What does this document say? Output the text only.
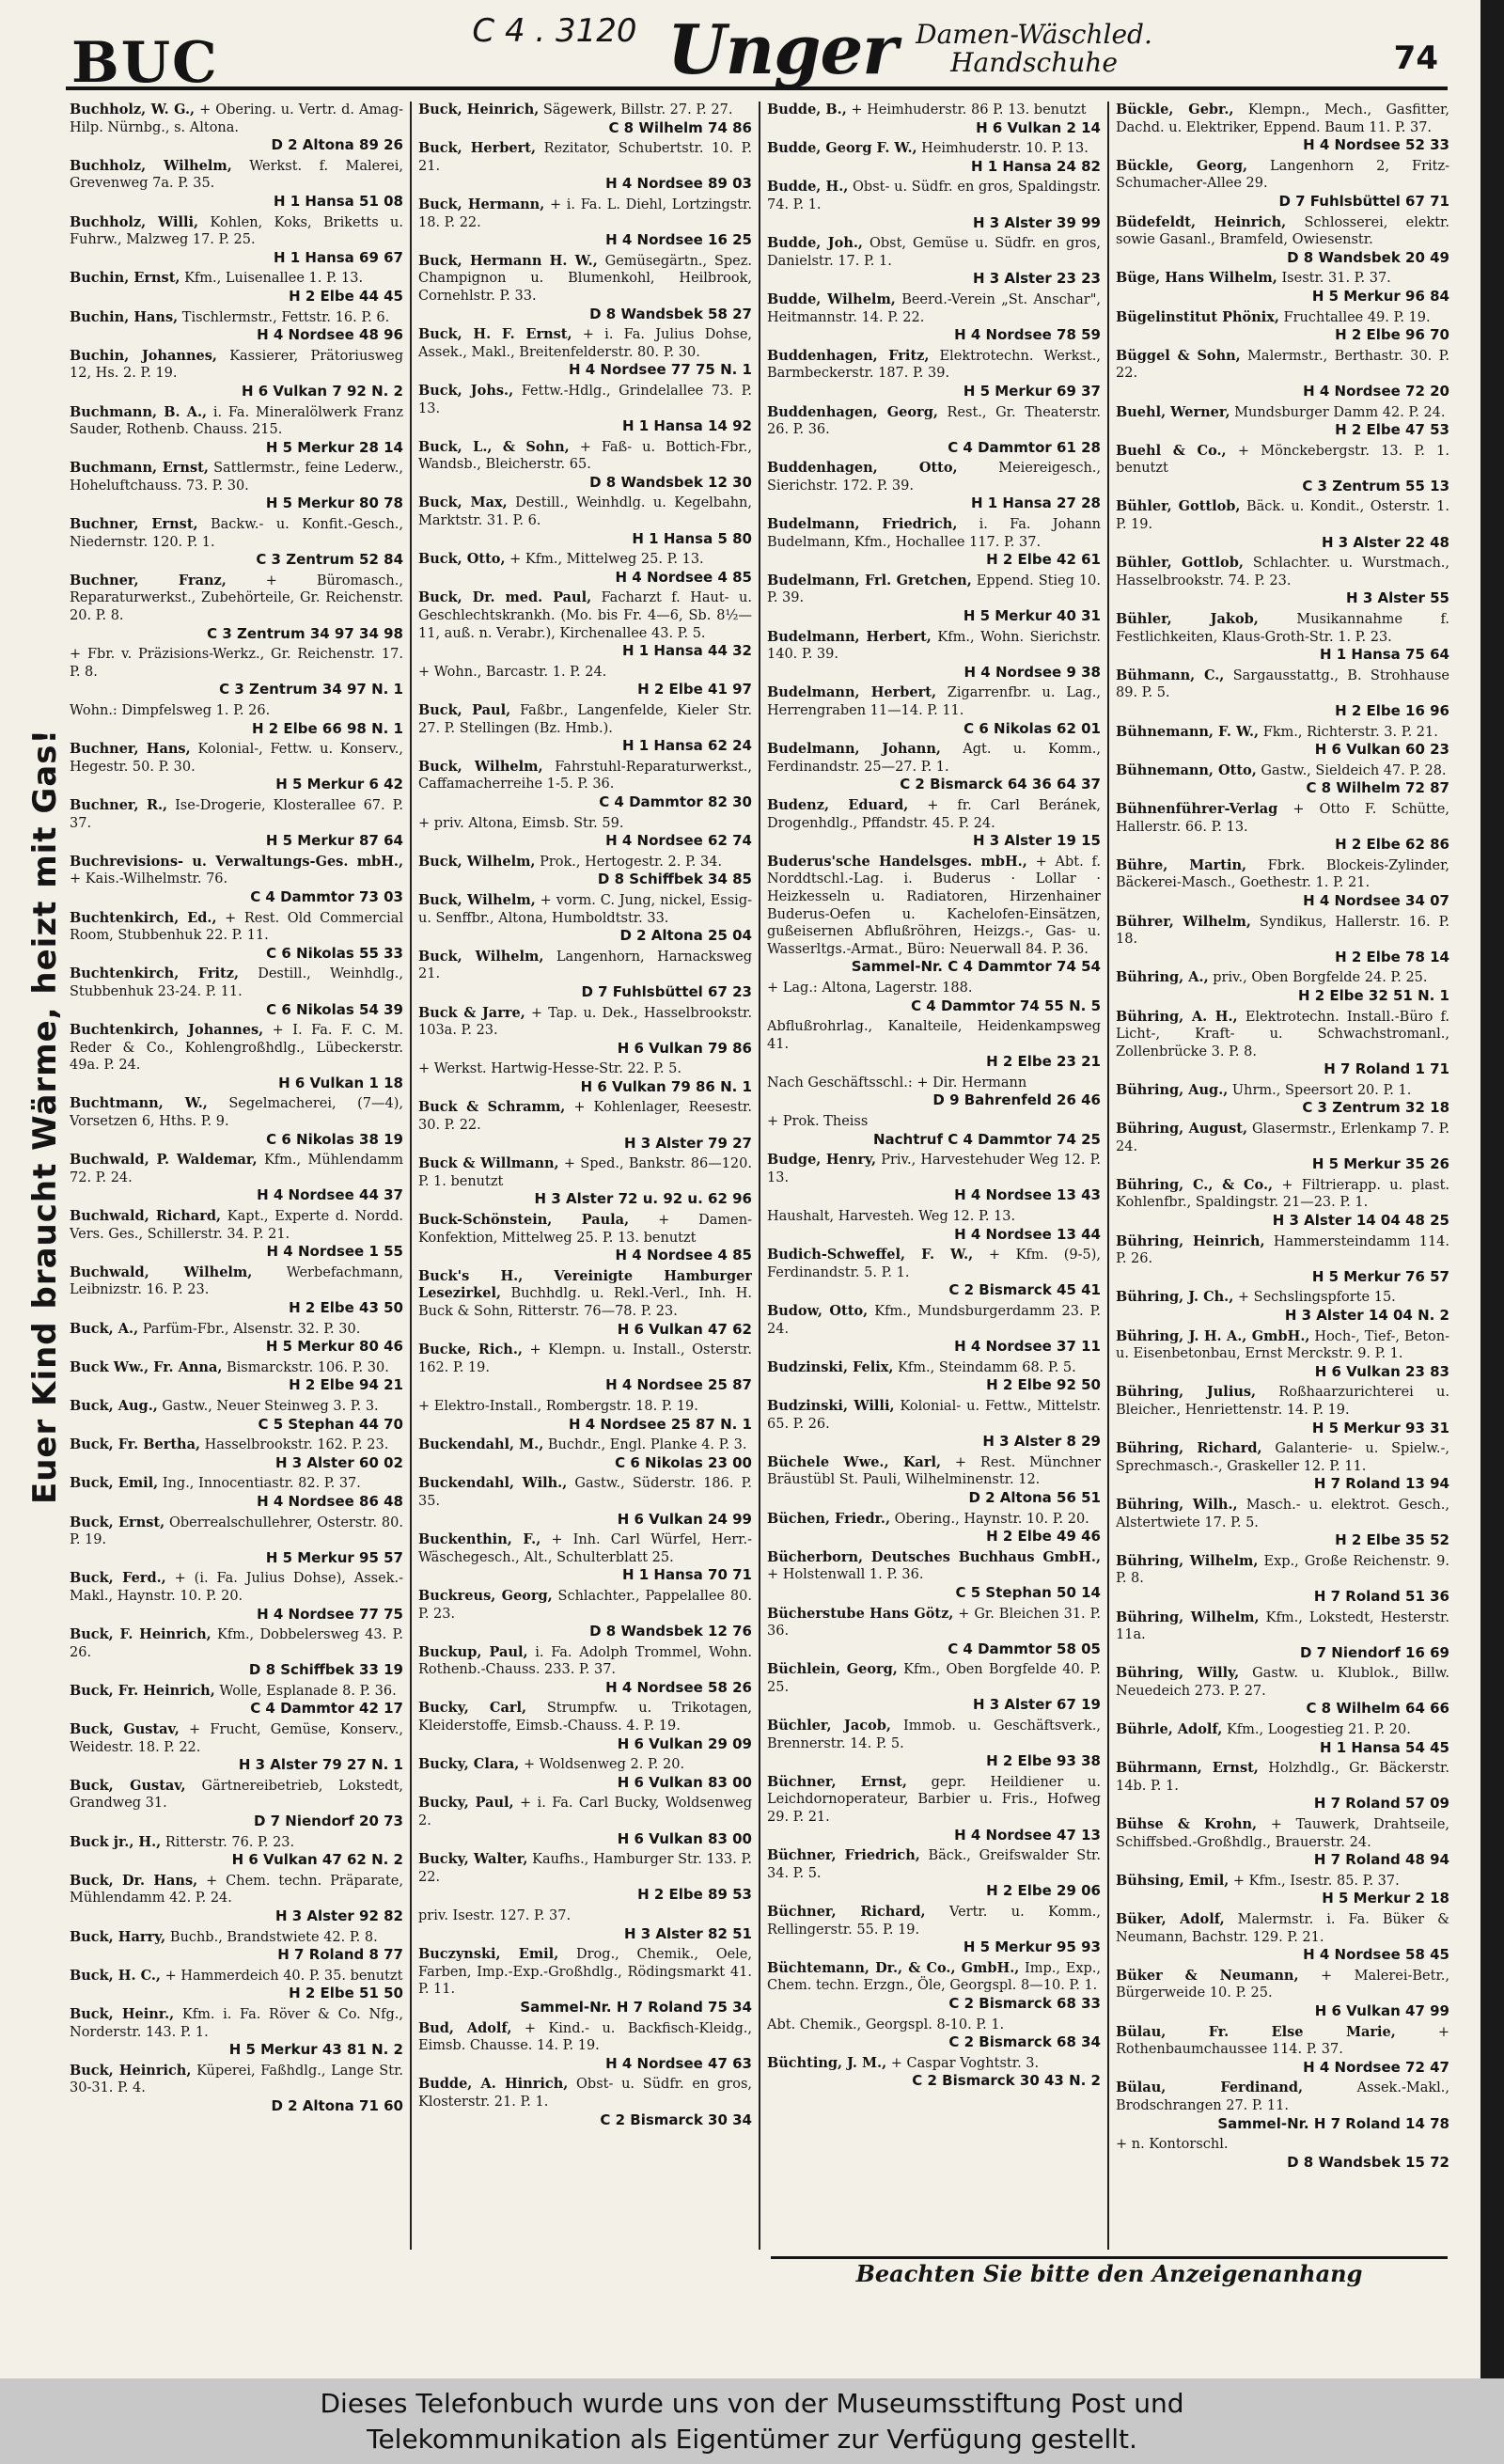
BUC	C 4 . 3120 Unger Damen-Wäschled. Handschuhe	74
Euer Kind braucht Wärme, heizt mit Gas!
Buchholz, W. G., + Obering. u. Vertr. d. Amag-Hilp. Nürnbg., s. Altona.
D 2 Altona 89 26
Buchholz, Wilhelm, Werkst. f. Malerei, Grevenweg 7a. P. 35.
H 1 Hansa 51 08
Buchholz, Willi, Kohlen, Koks, Briketts u. Fuhrw., Malzweg 17. P. 25.
H 1 Hansa 69 67
Buchin, Ernst, Kfm., Luisenallee 1. P. 13.
H 2 Elbe 44 45
Buchin, Hans, Tischlermstr., Fettstr. 16. P. 6.
H 4 Nordsee 48 96
Buchin, Johannes, Kassierer, Prätoriusweg 12, Hs. 2. P. 19.
H 6 Vulkan 7 92 N. 2
Buchmann, B. A., i. Fa. Mineralölwerk Franz Sauder, Rothenb. Chauss. 215.
H 5 Merkur 28 14
Buchmann, Ernst, Sattlermstr., feine Lederw., Hoheluftchauss. 73. P. 30.
H 5 Merkur 80 78
Buchner, Ernst, Backw.- u. Konfit.-Gesch., Niedernstr. 120. P. 1.
C 3 Zentrum 52 84
Buchner, Franz,	+ Büromasch., Reparaturwerkst., Zubehörteile, Gr. Reichenstr. 20. P. 8.
C 3 Zentrum 34 97 34 98
+ Fbr. v. Präzisions-Werkz., Gr. Reichenstr. 17. P. 8.
C 3 Zentrum 34 97 N. 1
Wohn.: Dimpfelsweg 1. P. 26.
H 2 Elbe 66 98 N. 1
Buchner, Hans, Kolonial-, Fettw. u. Konserv., Hegestr. 50. P. 30.
H 5 Merkur 6 42
Buchner, R., Ise-Drogerie, Klosterallee 67. P. 37.
H 5 Merkur 87 64
Buchrevisions- u. Verwaltungs-Ges. mbH., + Kais.-Wilhelmstr. 76.
C 4 Dammtor 73 03
Buchtenkirch, Ed., + Rest. Old Commercial Room, Stubbenhuk 22. P. 11.
C 6 Nikolas 55 33
Buchtenkirch, Fritz, Destill., Weinhdlg., Stubbenhuk 23-24. P. 11.
C 6 Nikolas 54 39
Buchtenkirch, Johannes, + I. Fa. F. C. M. Reder & Co., Kohlengroßhdlg., Lübeckerstr. 49a. P. 24.
H 6 Vulkan 1 18
Buchtmann, W., Segelmacherei, (7—4), Vorsetzen 6, Hths. P. 9.
C 6 Nikolas 38 19
Buchwald, P. Waldemar, Kfm., Mühlendamm 72. P. 24.
H 4 Nordsee 44 37
Buchwald, Richard, Kapt., Experte d. Nordd. Vers. Ges., Schillerstr. 34. P. 21.
H 4 Nordsee 1 55
Buchwald, Wilhelm,	Werbefachmann, Leibnizstr. 16. P. 23.
H 2 Elbe 43 50
Buck, A., Parfüm-Fbr., Alsenstr. 32. P. 30.
H 5 Merkur 80 46
Buck Ww., Fr. Anna, Bismarckstr. 106. P. 30.
H 2 Elbe 94 21
Buck, Aug., Gastw., Neuer Steinweg 3. P. 3.
C 5 Stephan 44 70
Buck, Fr. Bertha, Hasselbrookstr. 162. P. 23.
H 3 Alster 60 02
Buck, Emil, Ing., Innocentiastr. 82. P. 37.
H 4 Nordsee 86 48
Buck, Ernst, Oberrealschullehrer, Osterstr. 80. P. 19.
H 5 Merkur 95 57
Buck, Ferd., + (i. Fa. Julius Dohse), Assek.-Makl., Haynstr. 10. P. 20.
H 4 Nordsee 77 75
Buck, F. Heinrich, Kfm., Dobbelersweg 43. P. 26.
D 8 Schiffbek 33 19
Buck, Fr. Heinrich, Wolle, Esplanade 8. P. 36.
C 4 Dammtor 42 17
Buck, Gustav, + Frucht, Gemüse, Konserv., Weidestr. 18. P. 22.
H 3 Alster 79 27 N. 1
Buck, Gustav, Gärtnereibetrieb, Lokstedt, Grandweg 31.
D 7 Niendorf 20 73
Buck jr., H., Ritterstr. 76. P. 23.
H 6 Vulkan 47 62 N. 2
Buck, Dr. Hans, + Chem. techn. Präparate, Mühlendamm 42. P. 24.
H 3 Alster 92 82
Buck, Harry, Buchb., Brandstwiete 42. P. 8.
H 7 Roland 8 77
Buck, H. C., + Hammerdeich 40. P. 35. benutzt
H 2 Elbe 51 50
Buck, Heinr., Kfm. i. Fa. Röver & Co. Nfg., Norderstr. 143. P. 1.
H 5 Merkur 43 81 N. 2
Buck, Heinrich, Küperei, Faßhdlg., Lange Str. 30-31. P. 4.
D 2 Altona 71 60
Buck, Heinrich, Sägewerk, Billstr. 27. P. 27.
C 8 Wilhelm 74 86
Buck, Herbert, Rezitator, Schubertstr. 10. P. 21.
H 4 Nordsee 89 03
Buck, Hermann, + i. Fa. L. Diehl, Lortzingstr. 18. P. 22.
H 4 Nordsee 16 25
Buck, Hermann H. W., Gemüsegärtn., Spez. Champignon u. Blumenkohl, Heilbrook, Cornehlstr. P. 33.
D 8 Wandsbek 58 27
Buck, H. F. Ernst, + i. Fa. Julius Dohse, Assek., Makl., Breitenfelderstr. 80. P. 30.
H 4 Nordsee 77 75 N. 1
Buck, Johs., Fettw.-Hdlg., Grindelallee 73. P. 13.
H 1 Hansa 14 92
Buck, L., & Sohn, + Faß- u. Bottich-Fbr., Wandsb., Bleicherstr. 65.
D 8 Wandsbek 12 30
Buck, Max, Destill., Weinhdlg. u. Kegelbahn, Marktstr. 31. P. 6.
H 1 Hansa 5 80
Buck, Otto, + Kfm., Mittelweg 25. P. 13.
H 4 Nordsee 4 85
Buck, Dr. med. Paul, Facharzt f. Haut- u. Geschlechtskrankh. (Mo. bis Fr. 4—6, Sb. 8½—11, auß. n. Verabr.), Kirchenallee 43. P. 5.
H 1 Hansa 44 32
+ Wohn., Barcastr. 1. P. 24.
H 2 Elbe 41 97
Buck, Paul, Faßbr., Langenfelde, Kieler Str. 27. P. Stellingen (Bz. Hmb.).
H 1 Hansa 62 24
Buck, Wilhelm, Fahrstuhl-Reparaturwerkst., Caffamacherreihe 1-5. P. 36.
C 4 Dammtor 82 30
+ priv. Altona, Eimsb. Str. 59.
H 4 Nordsee 62 74
Buck, Wilhelm, Prok., Hertogestr. 2. P. 34.
D 8 Schiffbek 34 85
Buck, Wilhelm, + vorm. C. Jung, nickel, Essig- u. Senffbr., Altona, Humboldtstr. 33.
D 2 Altona 25 04
Buck, Wilhelm, Langenhorn, Harnacksweg 21.
D 7 Fuhlsbüttel 67 23
Buck & Jarre, + Tap. u. Dek., Hasselbrookstr. 103a. P. 23.
H 6 Vulkan 79 86
+ Werkst. Hartwig-Hesse-Str. 22. P. 5.
H 6 Vulkan 79 86 N. 1
Buck & Schramm, + Kohlenlager, Reesestr. 30. P. 22.
H 3 Alster 79 27
Buck & Willmann, + Sped., Bankstr. 86—120. P. 1. benutzt
H 3 Alster 72 u. 92 u. 62 96
Buck-Schönstein, Paula, + Damen-Konfektion, Mittelweg 25. P. 13. benutzt
H 4 Nordsee 4 85
Buck's H., Vereinigte Hamburger Lesezirkel, Buchhdlg. u. Rekl.-Verl., Inh. H. Buck & Sohn, Ritterstr. 76—78. P. 23.
H 6 Vulkan 47 62
Bucke, Rich., + Klempn. u. Install., Osterstr. 162. P. 19.
H 4 Nordsee 25 87
+ Elektro-Install., Rombergstr. 18. P. 19.
H 4 Nordsee 25 87 N. 1
Buckendahl, M., Buchdr., Engl. Planke 4. P. 3.
C 6 Nikolas 23 00
Buckendahl, Wilh., Gastw., Süderstr. 186. P. 35.
H 6 Vulkan 24 99
Buckenthin, F., + Inh. Carl Würfel, Herr.- Wäschegesch., Alt., Schulterblatt 25.
H 1 Hansa 70 71
Buckreus, Georg, Schlachter., Pappelallee 80. P. 23.
D 8 Wandsbek 12 76
Buckup, Paul, i. Fa. Adolph Trommel, Wohn. Rothenb.-Chauss. 233. P. 37.
H 4 Nordsee 58 26
Bucky, Carl, Strumpfw. u. Trikotagen, Kleiderstoffe, Eimsb.-Chauss. 4. P. 19.
H 6 Vulkan 29 09
Bucky, Clara, + Woldsenweg 2. P. 20.
H 6 Vulkan 83 00
Bucky, Paul, + i. Fa. Carl Bucky, Woldsenweg 2.
H 6 Vulkan 83 00
Bucky, Walter, Kaufhs., Hamburger Str. 133. P. 22.
H 2 Elbe 89 53
priv. Isestr. 127. P. 37.
H 3 Alster 82 51
Buczynski, Emil, Drog., Chemik., Oele, Farben, Imp.-Exp.-Großhdlg., Rödingsmarkt 41. P. 11.
Sammel-Nr. H 7 Roland 75 34
Bud, Adolf, + Kind.- u. Backfisch-Kleidg., Eimsb. Chausse. 14. P. 19.
H 4 Nordsee 47 63
Budde, A. Hinrich, Obst- u. Südfr. en gros, Klosterstr. 21. P. 1.
C 2 Bismarck 30 34
Budde, B., + Heimhuderstr. 86 P. 13. benutzt
H 6 Vulkan 2 14
Budde, Georg F. W., Heimhuderstr. 10. P. 13.
H 1 Hansa 24 82
Budde, H., Obst- u. Südfr. en gros, Spaldingstr. 74. P. 1.
H 3 Alster 39 99
Budde, Joh., Obst, Gemüse u. Südfr. en gros, Danielstr. 17. P. 1.
H 3 Alster 23 23
Budde, Wilhelm, Beerd.-Verein „St. Anschar", Heitmannstr. 14. P. 22.
H 4 Nordsee 78 59
Buddenhagen, Fritz, Elektrotechn. Werkst., Barmbeckerstr. 187. P. 39.
H 5 Merkur 69 37
Buddenhagen, Georg, Rest., Gr. Theaterstr. 26. P. 36.
C 4 Dammtor 61 28
Buddenhagen, Otto,	Meiereigesch., Sierichstr. 172. P. 39.
H 1 Hansa 27 28
Budelmann, Friedrich, i. Fa. Johann Budelmann, Kfm., Hochallee 117. P. 37.
H 2 Elbe 42 61
Budelmann, Frl. Gretchen, Eppend. Stieg 10. P. 39.
H 5 Merkur 40 31
Budelmann, Herbert, Kfm., Wohn. Sierichstr. 140. P. 39.
H 4 Nordsee 9 38
Budelmann, Herbert, Zigarrenfbr. u. Lag., Herrengraben 11—14. P. 11.
C 6 Nikolas 62 01
Budelmann, Johann, Agt. u. Komm., Ferdinandstr. 25—27. P. 1.
C 2 Bismarck 64 36 64 37
Budenz, Eduard, + fr. Carl Beránek, Drogenhdlg., Pffandstr. 45. P. 24.
H 3 Alster 19 15
Buderus'sche Handelsges. mbH., + Abt. f. Norddtschl.-Lag. i. Buderus · Lollar · Heizkesseln u. Radiatoren, Hirzenhainer Buderus-Oefen u. Kachelofen-Einsätzen, gußeisernen Abflußröhren, Heizgs.-, Gas- u. Wasserltgs.-Armat., Büro: Neuerwall 84. P. 36.
Sammel-Nr. C 4 Dammtor 74 54
+ Lag.: Altona, Lagerstr. 188.
C 4 Dammtor 74 55 N. 5
Abflußrohrlag., Kanalteile, Heidenkampsweg 41.
H 2 Elbe 23 21
Nach Geschäftsschl.: + Dir. Hermann
D 9 Bahrenfeld 26 46
+ Prok. Theiss
Nachtruf C 4 Dammtor 74 25
Budge, Henry, Priv., Harvestehuder Weg 12. P. 13.
H 4 Nordsee 13 43
Haushalt, Harvesteh. Weg 12. P. 13.
H 4 Nordsee 13 44
Budich-Schweffel, F. W., + Kfm. (9-5), Ferdinandstr. 5. P. 1.
C 2 Bismarck 45 41
Budow, Otto, Kfm., Mundsburgerdamm 23. P. 24.
H 4 Nordsee 37 11
Budzinski, Felix, Kfm., Steindamm 68. P. 5.
H 2 Elbe 92 50
Budzinski, Willi, Kolonial- u. Fettw., Mittelstr. 65. P. 26.
H 3 Alster 8 29
Büchele Wwe., Karl, + Rest. Münchner Bräustübl St. Pauli, Wilhelminenstr. 12.
D 2 Altona 56 51
Büchen, Friedr., Obering., Haynstr. 10. P. 20.
H 2 Elbe 49 46
Bücherborn, Deutsches Buchhaus GmbH., + Holstenwall 1. P. 36.
C 5 Stephan 50 14
Bücherstube Hans Götz, + Gr. Bleichen 31. P. 36.
C 4 Dammtor 58 05
Büchlein, Georg, Kfm., Oben Borgfelde 40. P. 25.
H 3 Alster 67 19
Büchler, Jacob, Immob. u. Geschäftsverk., Brennerstr. 14. P. 5.
H 2 Elbe 93 38
Büchner, Ernst, gepr. Heildiener u. Leichdornoperateur, Barbier u. Fris., Hofweg 29. P. 21.
H 4 Nordsee 47 13
Büchner, Friedrich, Bäck., Greifswalder Str. 34. P. 5.
H 2 Elbe 29 06
Büchner, Richard, Vertr. u. Komm., Rellingerstr. 55. P. 19.
H 5 Merkur 95 93
Büchtemann, Dr., & Co., GmbH., Imp., Exp., Chem. techn. Erzgn., Öle, Georgspl. 8—10. P. 1.
C 2 Bismarck 68 33
Abt. Chemik., Georgspl. 8-10. P. 1.
C 2 Bismarck 68 34
Büchting, J. M., + Caspar Voghtstr. 3.
C 2 Bismarck 30 43 N. 2
Bückle, Gebr., Klempn., Mech., Gasfitter, Dachd. u. Elektriker, Eppend. Baum 11. P. 37.
H 4 Nordsee 52 33
Bückle, Georg, Langenhorn 2, Fritz-Schumacher-Allee 29.
D 7 Fuhlsbüttel 67 71
Büdefeldt, Heinrich, Schlosserei, elektr. sowie Gasanl., Bramfeld, Owiesenstr.
D 8 Wandsbek 20 49
Büge, Hans Wilhelm, Isestr. 31. P. 37.
H 5 Merkur 96 84
Bügelinstitut Phönix, Fruchtallee 49. P. 19.
H 2 Elbe 96 70
Büggel & Sohn, Malermstr., Berthastr. 30. P. 22.
H 4 Nordsee 72 20
Buehl, Werner, Mundsburger Damm 42. P. 24.
H 2 Elbe 47 53
Buehl & Co., + Mönckebergstr. 13. P. 1. benutzt
C 3 Zentrum 55 13
Bühler, Gottlob, Bäck. u. Kondit., Osterstr. 1. P. 19.
H 3 Alster 22 48
Bühler, Gottlob, Schlachter. u. Wurstmach., Hasselbrookstr. 74. P. 23.
H 3 Alster 55
Bühler, Jakob,	Musikannahme f. Festlichkeiten, Klaus-Groth-Str. 1. P. 23.
H 1 Hansa 75 64
Bühmann, C., Sargausstattg., B. Strohhause 89. P. 5.
H 2 Elbe 16 96
Bühnemann, F. W., Fkm., Richterstr. 3. P. 21.
H 6 Vulkan 60 23
Bühnemann, Otto, Gastw., Sieldeich 47. P. 28.
C 8 Wilhelm 72 87
Bühnenführer-Verlag + Otto F. Schütte, Hallerstr. 66. P. 13.
H 2 Elbe 62 86
Bühre, Martin, Fbrk. Blockeis-Zylinder, Bäckerei-Masch., Goethestr. 1. P. 21.
H 4 Nordsee 34 07
Bührer, Wilhelm, Syndikus, Hallerstr. 16. P. 18.
H 2 Elbe 78 14
Bühring, A., priv., Oben Borgfelde 24. P. 25.
H 2 Elbe 32 51 N. 1
Bühring, A. H., Elektrotechn. Install.-Büro f. Licht-, Kraft- u. Schwachstromanl., Zollenbrücke 3. P. 8.
H 7 Roland 1 71
Bühring, Aug., Uhrm., Speersort 20. P. 1.
C 3 Zentrum 32 18
Bühring, August, Glasermstr., Erlenkamp 7. P. 24.
H 5 Merkur 35 26
Bühring, C., & Co., + Filtrierapp. u. plast. Kohlenfbr., Spaldingstr. 21—23. P. 1.
H 3 Alster 14 04 48 25
Bühring, Heinrich, Hammersteindamm 114. P. 26.
H 5 Merkur 76 57
Bühring, J. Ch., + Sechslingspforte 15.
H 3 Alster 14 04 N. 2
Bühring, J. H. A., GmbH., Hoch-, Tief-, Beton- u. Eisenbetonbau, Ernst Merckstr. 9. P. 1.
H 6 Vulkan 23 83
Bühring, Julius, Roßhaarzurichterei u. Bleicher., Henriettenstr. 14. P. 19.
H 5 Merkur 93 31
Bühring, Richard, Galanterie- u. Spielw.-, Sprechmasch.-, Graskeller 12. P. 11.
H 7 Roland 13 94
Bühring, Wilh., Masch.- u. elektrot. Gesch., Alstertwiete 17. P. 5.
H 2 Elbe 35 52
Bühring, Wilhelm, Exp., Große Reichenstr. 9. P. 8.
H 7 Roland 51 36
Bühring, Wilhelm, Kfm., Lokstedt, Hesterstr. 11a.
D 7 Niendorf 16 69
Bühring, Willy, Gastw. u. Klublok., Billw. Neuedeich 273. P. 27.
C 8 Wilhelm 64 66
Bührle, Adolf, Kfm., Loogestieg 21. P. 20.
H 1 Hansa 54 45
Bührmann, Ernst, Holzhdlg., Gr. Bäckerstr. 14b. P. 1.
H 7 Roland 57 09
Bühse & Krohn, + Tauwerk, Drahtseile, Schiffsbed.-Großhdlg., Brauerstr. 24.
H 7 Roland 48 94
Bühsing, Emil, + Kfm., Isestr. 85. P. 37.
H 5 Merkur 2 18
Büker, Adolf, Malermstr. i. Fa. Büker & Neumann, Bachstr. 129. P. 21.
H 4 Nordsee 58 45
Büker & Neumann, + Malerei-Betr., Bürgerweide 10. P. 25.
H 6 Vulkan 47 99
Bülau, Fr. Else Marie,	+ Rothenbaumchaussee 114. P. 37.
H 4 Nordsee 72 47
Bülau, Ferdinand,	Assek.-Makl., Brodschrangen 27. P. 11.
Sammel-Nr. H 7 Roland 14 78
+ n. Kontorschl.
D 8 Wandsbek 15 72
Beachten Sie bitte den Anzeigenanhang
Dieses Telefonbuch wurde uns von der Museumsstiftung Post und
Telekommunikation als Eigentümer zur Verfügung gestellt.
